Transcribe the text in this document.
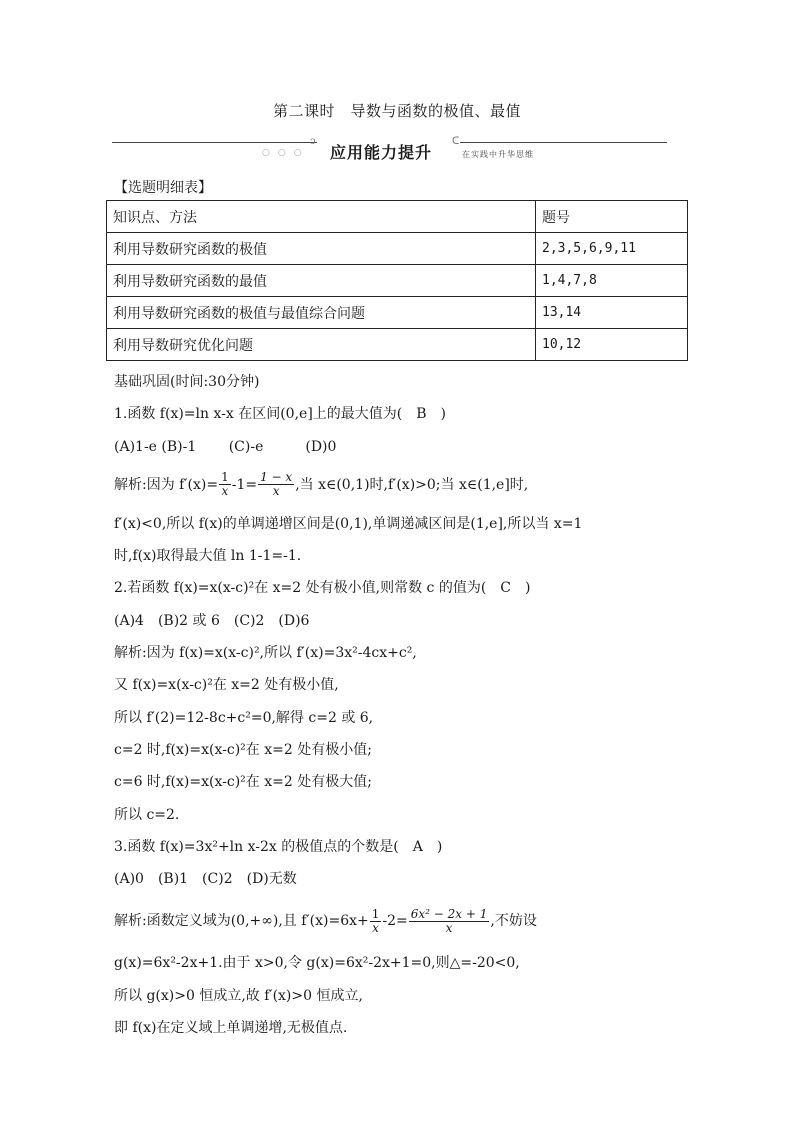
第二课时　导数与函数的极值、最值
ↄ
○○○ 应用能力提升
ᑕ
在实践中升华思维
【选题明细表】
知识点、方法	题号
利用导数研究函数的极值	2,3,5,6,9,11
利用导数研究函数的最值	1,4,7,8
利用导数研究函数的极值与最值综合问题	13,14
利用导数研究优化问题	10,12
基础巩固(时间:30分钟)
1.函数 f(x)=ln x-x 在区间(0,e]上的最大值为(　B　)
(A)1-e (B)-1　　 (C)-e　　　(D)0
解析:因为 $f'(x)= \frac{1}{x} -1= \frac{1 - x}{x}$ ,当 x∈(0,1)时,f′(x)>0;当 x∈(1,e]时,
f′(x)<0,所以 f(x)的单调递增区间是(0,1),单调递减区间是(1,e],所以当 x=1
时,f(x)取得最大值 ln 1-1=-1.
2.若函数 f(x)=x(x-c)²在 x=2 处有极小值,则常数 c 的值为(　C　)
(A)4　(B)2 或 6　(C)2　(D)6
解析:因为 f(x)=x(x-c)²,所以 f′(x)=3x²-4cx+c²,
又 f(x)=x(x-c)²在 x=2 处有极小值,
所以 f′(2)=12-8c+c²=0,解得 c=2 或 6,
c=2 时,f(x)=x(x-c)²在 x=2 处有极小值;
c=6 时,f(x)=x(x-c)²在 x=2 处有极大值;
所以 c=2.
3.函数 f(x)=3x²+ln x-2x 的极值点的个数是(　A　)
(A)0　(B)1　(C)2　(D)无数
解析:函数定义域为(0,+∞),且 $f'(x)=6x+ \frac{1}{x} -2= \frac{\text{6x² − 2x + 1}}{x}$ ,不妨设
g(x)=6x²-2x+1.由于 x>0,令 g(x)=6x²-2x+1=0,则△=-20<0,
所以 g(x)>0 恒成立,故 f′(x)>0 恒成立,
即 f(x)在定义域上单调递增,无极值点.
